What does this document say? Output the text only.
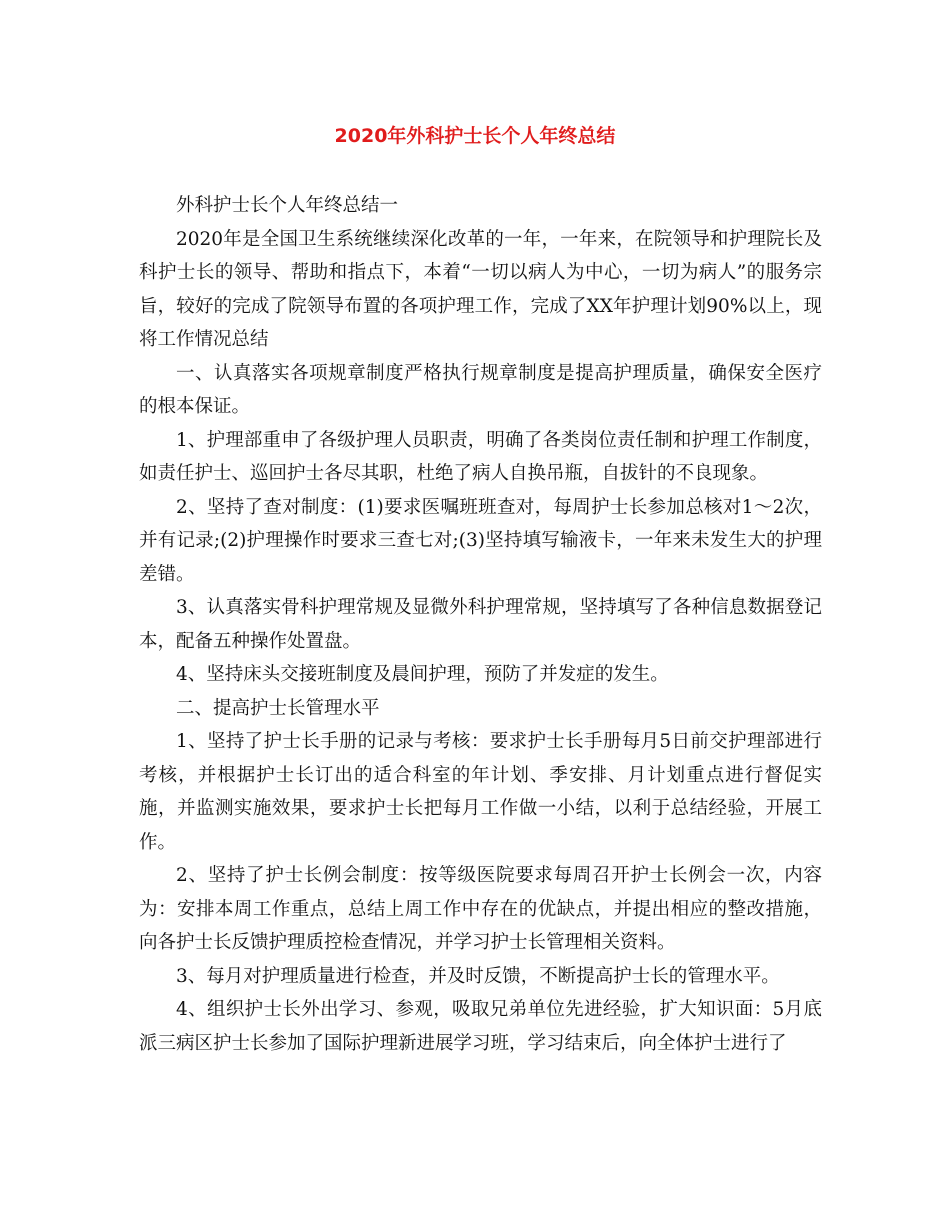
2020年外科护士长个人年终总结

外科护士长个人年终总结一

2020年是全国卫生系统继续深化改革的一年，一年来，在院领导和护理院长及科护士长的领导、帮助和指点下，本着“一切以病人为中心，一切为病人”的服务宗旨，较好的完成了院领导布置的各项护理工作，完成了XX年护理计划90%以上，现将工作情况总结

一、认真落实各项规章制度严格执行规章制度是提高护理质量，确保安全医疗的根本保证。

1、护理部重申了各级护理人员职责，明确了各类岗位责任制和护理工作制度，如责任护士、巡回护士各尽其职，杜绝了病人自换吊瓶，自拔针的不良现象。

2、坚持了查对制度：(1)要求医嘱班班查对，每周护士长参加总核对1～2次，并有记录;(2)护理操作时要求三查七对;(3)坚持填写输液卡，一年来未发生大的护理差错。

3、认真落实骨科护理常规及显微外科护理常规，坚持填写了各种信息数据登记本，配备五种操作处置盘。

4、坚持床头交接班制度及晨间护理，预防了并发症的发生。

二、提高护士长管理水平

1、坚持了护士长手册的记录与考核：要求护士长手册每月5日前交护理部进行考核，并根据护士长订出的适合科室的年计划、季安排、月计划重点进行督促实施，并监测实施效果，要求护士长把每月工作做一小结，以利于总结经验，开展工作。

2、坚持了护士长例会制度：按等级医院要求每周召开护士长例会一次，内容为：安排本周工作重点，总结上周工作中存在的优缺点，并提出相应的整改措施，向各护士长反馈护理质控检查情况，并学习护士长管理相关资料。

3、每月对护理质量进行检查，并及时反馈，不断提高护士长的管理水平。

4、组织护士长外出学习、参观，吸取兄弟单位先进经验，扩大知识面：5月底派三病区护士长参加了国际护理新进展学习班，学习结束后，向全体护士进行了
